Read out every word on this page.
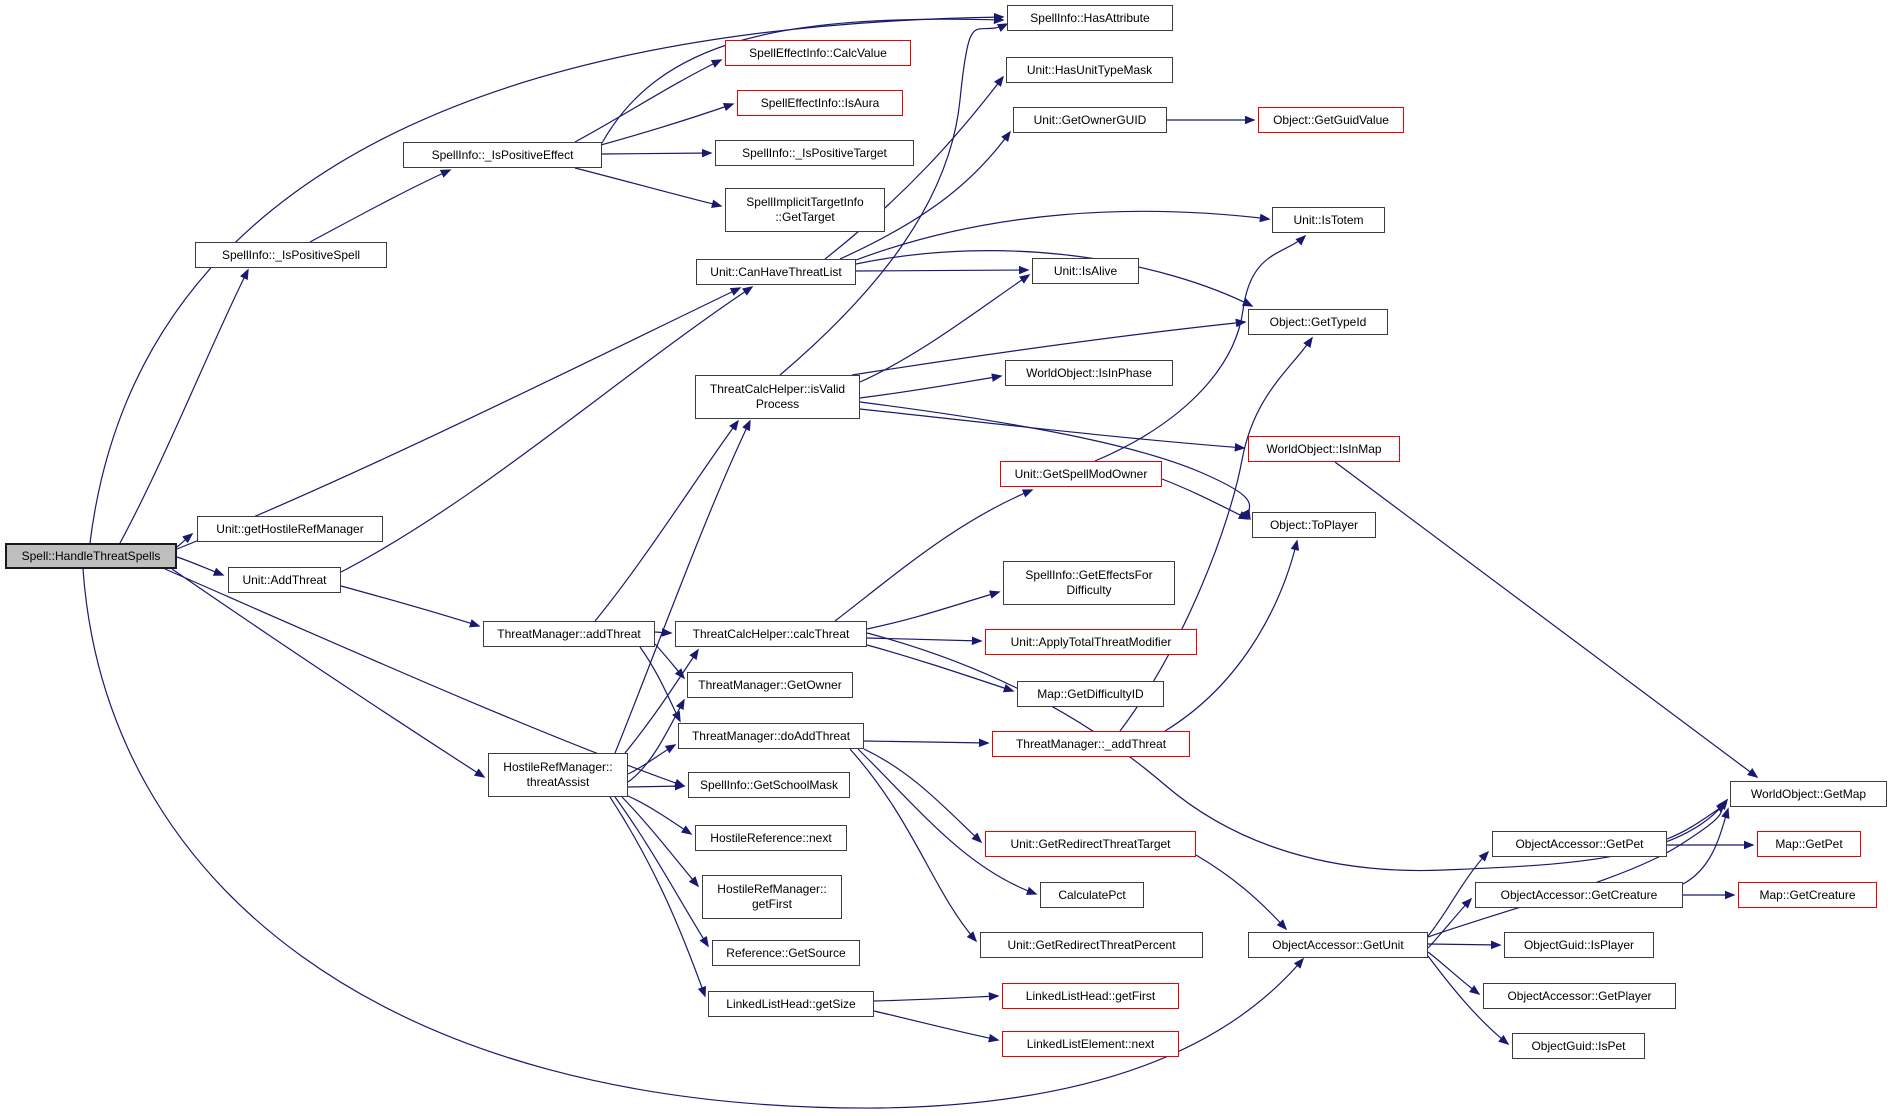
Spell::HandleThreatSpells
SpellInfo::_IsPositiveSpell
Unit::getHostileRefManager
Unit::AddThreat
SpellInfo::_IsPositiveEffect
ThreatManager::addThreat
HostileRefManager::
threatAssist
SpellEffectInfo::CalcValue
SpellEffectInfo::IsAura
SpellInfo::_IsPositiveTarget
SpellImplicitTargetInfo
::GetTarget
Unit::CanHaveThreatList
ThreatCalcHelper::isValid
Process
ThreatCalcHelper::calcThreat
ThreatManager::GetOwner
ThreatManager::doAddThreat
SpellInfo::GetSchoolMask
HostileReference::next
HostileRefManager::
getFirst
Reference::GetSource
LinkedListHead::getSize
SpellInfo::HasAttribute
Unit::HasUnitTypeMask
Unit::GetOwnerGUID	Object::GetGuidValue
Unit::IsTotem
Unit::IsAlive
Object::GetTypeId
WorldObject::IsInPhase
WorldObject::IsInMap
Unit::GetSpellModOwner
Object::ToPlayer
SpellInfo::GetEffectsFor
Difficulty
Unit::ApplyTotalThreatModifier
Map::GetDifficultyID
ThreatManager::_addThreat
Unit::GetRedirectThreatTarget
CalculatePct
Unit::GetRedirectThreatPercent
LinkedListHead::getFirst
LinkedListElement::next
ObjectAccessor::GetUnit
WorldObject::GetMap
ObjectAccessor::GetPet	Map::GetPet
ObjectAccessor::GetCreature	Map::GetCreature
ObjectGuid::IsPlayer
ObjectAccessor::GetPlayer
ObjectGuid::IsPet
